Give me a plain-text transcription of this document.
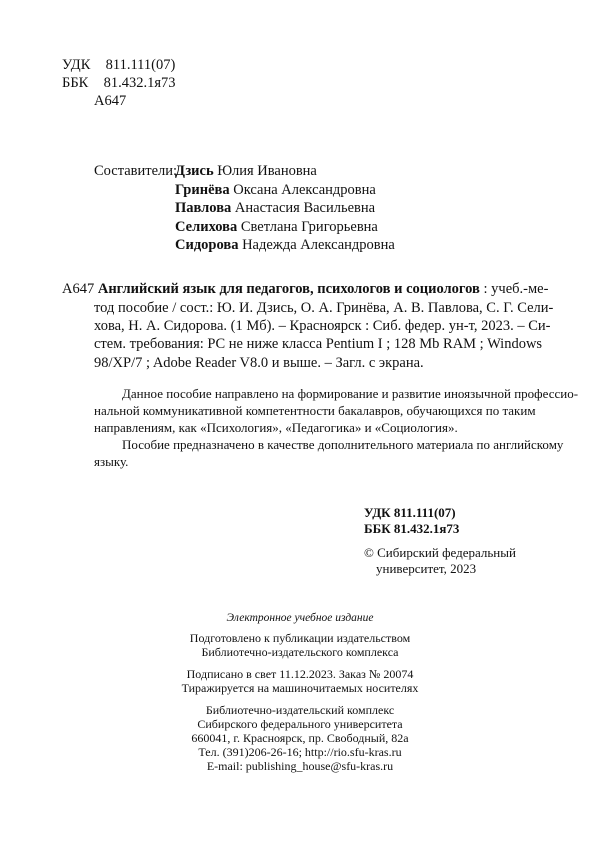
УДК 811.111(07)
ББК 81.432.1я73
А647
Составители:
Дзись Юлия Ивановна
Гринёва Оксана Александровна
Павлова Анастасия Васильевна
Селихова Светлана Григорьевна
Сидорова Надежда Александровна
А647 Английский язык для педагогов, психологов и социологов : учеб.-ме-
тод пособие / сост.: Ю. И. Дзись, О. А. Гринёва, А. В. Павлова, С. Г. Сели-
хова, Н. А. Сидорова. (1 Мб). – Красноярск : Сиб. федер. ун-т, 2023. – Си-
стем. требования: PC не ниже класса Pentium I ; 128 Mb RAM ; Windows
98/XP/7 ; Adobe Reader V8.0 и выше. – Загл. с экрана.
Данное пособие направлено на формирование и развитие иноязычной профессио-
нальной коммуникативной компетентности бакалавров, обучающихся по таким
направлениям, как «Психология», «Педагогика» и «Социология».
Пособие предназначено в качестве дополнительного материала по английскому
языку.
УДК 811.111(07)
ББК 81.432.1я73
© Сибирский федеральный
университет, 2023
Электронное учебное издание
Подготовлено к публикации издательством
Библиотечно-издательского комплекса
Подписано в свет 11.12.2023. Заказ № 20074
Тиражируется на машиночитаемых носителях
Библиотечно-издательский комплекс
Сибирского федерального университета
660041, г. Красноярск, пр. Свободный, 82а
Тел. (391)206-26-16; http://rio.sfu-kras.ru
E-mail: publishing_house@sfu-kras.ru
